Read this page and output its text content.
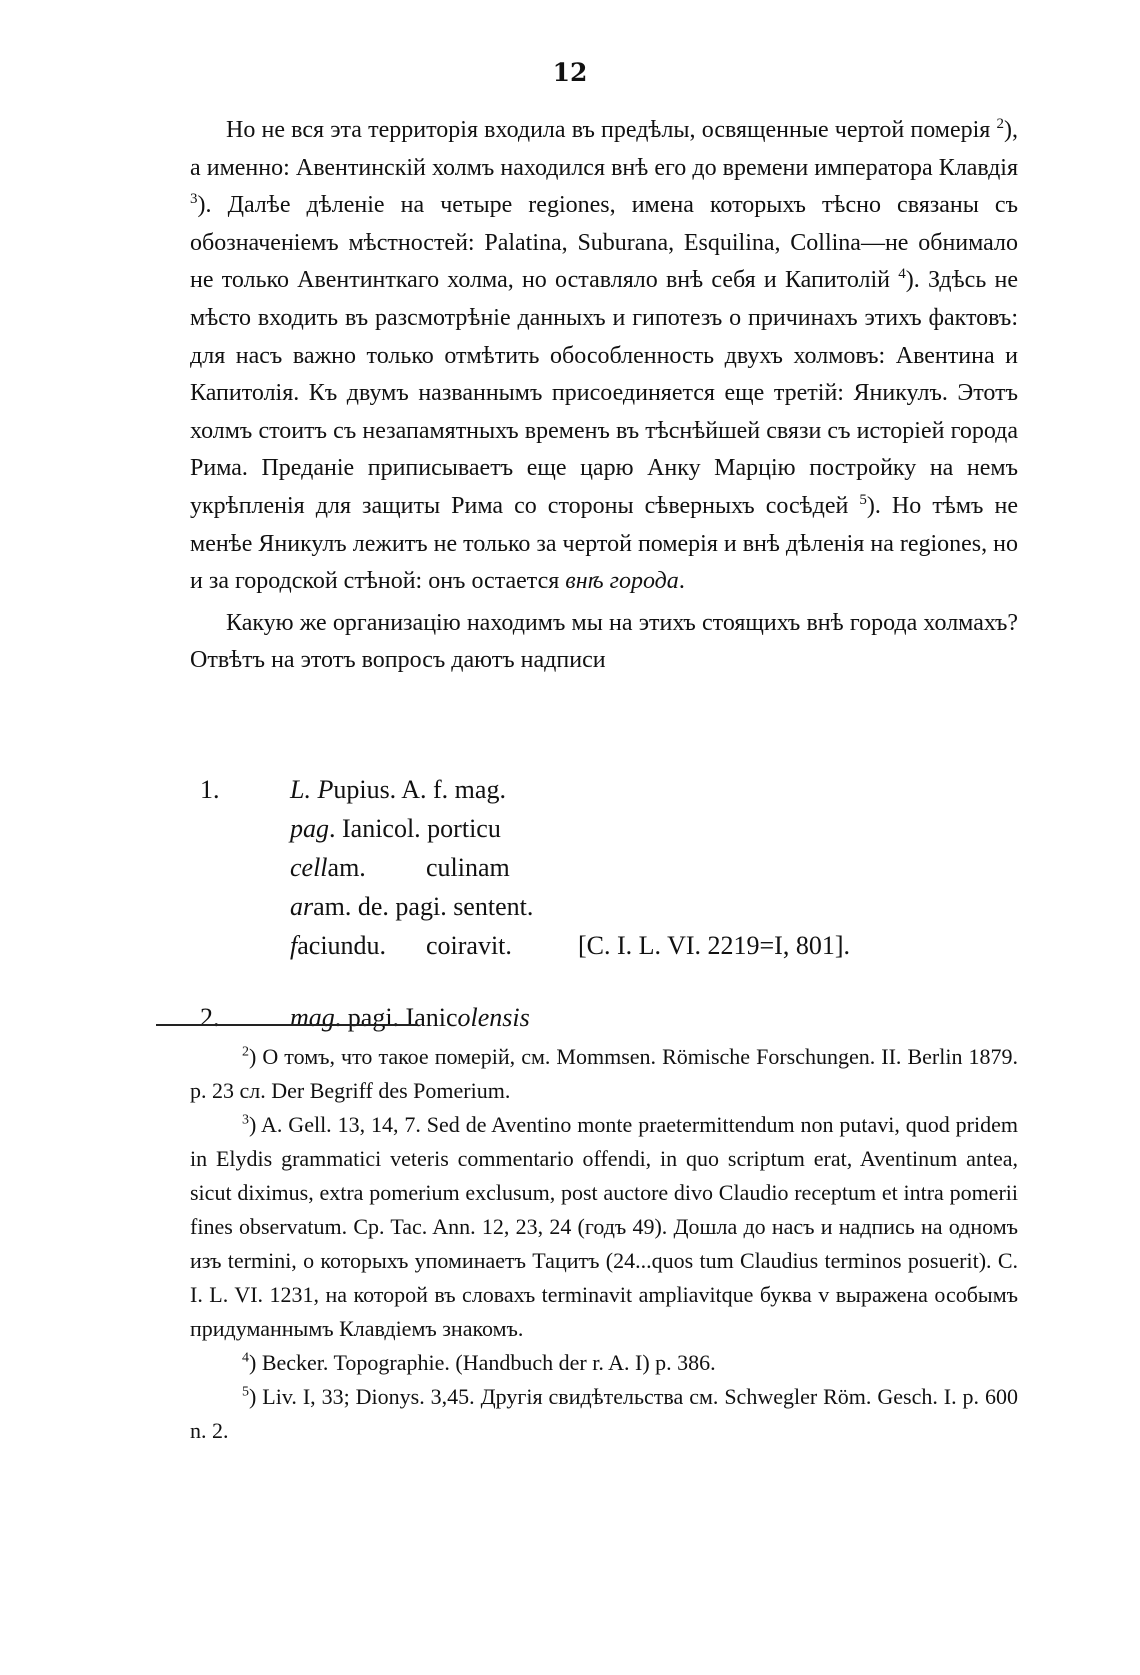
12

Но не вся эта территорія входила въ предѣлы, освященные чертой померія $^2$), а именно: Авентинскій холмъ находился внѣ его до времени императора Клавдія $^3$). Далѣе дѣленіе на четыре regiones, имена которыхъ тѣсно связаны съ обозначеніемъ мѣстностей: Palatina, Suburana, Esquilina, Collina—не обнимало не только Авентинткаго холма, но оставляло внѣ себя и Капитолій $^4$). Здѣсь не мѣсто входить въ разсмотрѣніе данныхъ и гипотезъ о причинахъ этихъ фактовъ: для насъ важно только отмѣтить обособленность двухъ холмовъ: Авентина и Капитолія. Къ двумъ названнымъ присоединяется еще третій: Яникулъ. Этотъ холмъ стоитъ съ незапамятныхъ временъ въ тѣснѣйшей связи съ исторіей города Рима. Преданіе приписываетъ еще царю Анку Марцію постройку на немъ укрѣпленія для защиты Рима со стороны сѣверныхъ сосѣдей $^5$). Но тѣмъ не менѣе Яникулъ лежитъ не только за чертой померія и внѣ дѣленія на regiones, но и за городской стѣной: онъ остается внѣ города.

Какую же организацію находимъ мы на этихъ стоящихъ внѣ города холмахъ? Отвѣтъ на этотъ вопросъ даютъ надписи

1.	L. Pupius. A. f. mag.
pag. Ianicol. porticu
cellam. culinam
aram. de. pagi. sentent.
faciundu. coiravit.	[C. I. L. VI. 2219=I, 801].
2.	mag. pagi. Ianicolensis

$^2$) О томъ, что такое померій, см. Mommsen. Römische Forschungen. II. Berlin 1879. p. 23 сл. Der Begriff des Pomerium.

$^3$) A. Gell. 13, 14, 7. Sed de Aventino monte praetermittendum non putavi, quod pridem in Elydis grammatici veteris commentario offendi, in quo scriptum erat, Aventinum antea, sicut diximus, extra pomerium exclusum, post auctore divo Claudio receptum et intra pomerii fines observatum. Cp. Tac. Ann. 12, 23, 24 (годъ 49). Дошла до насъ и надпись на одномъ изъ termini, о которыхъ упоминаетъ Тацитъ (24...quos tum Claudius terminos posuerit). C. I. L. VI. 1231, на которой въ словахъ terminavit ampliavitque буква v выражена особымъ придуманнымъ Клавдіемъ знакомъ.

$^4$) Becker. Topographie. (Handbuch der r. A. I) p. 386.

$^5$) Liv. I, 33; Dionys. 3,45. Другія свидѣтельства см. Schwegler Röm. Gesch. I. p. 600 n. 2.
